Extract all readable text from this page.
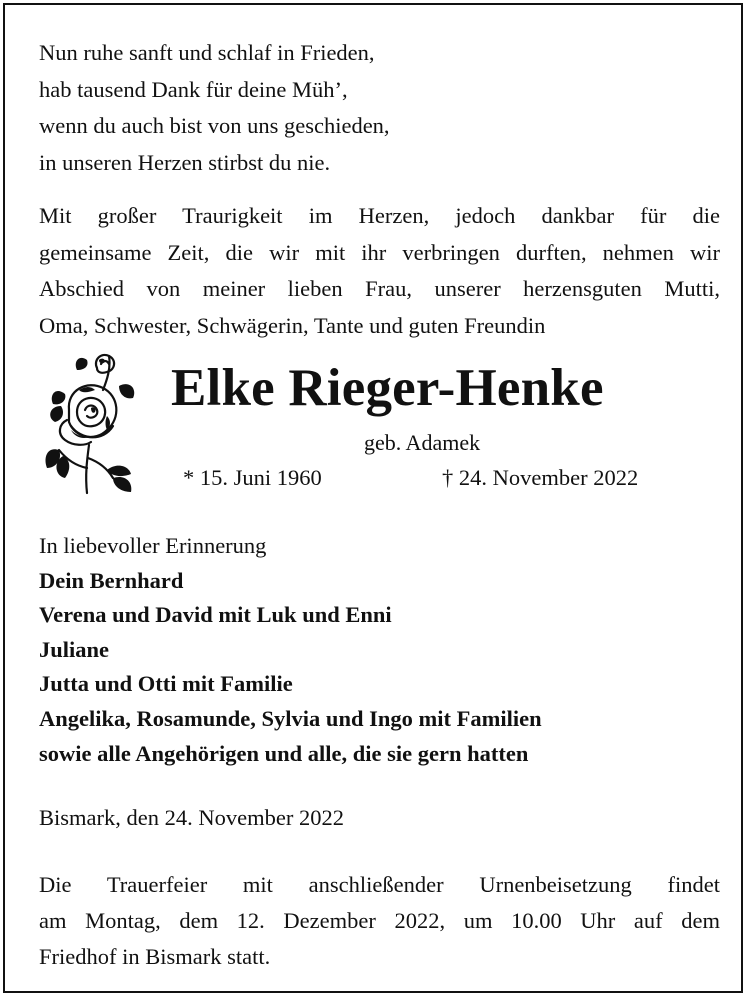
Nun ruhe sanft und schlaf in Frieden,
hab tausend Dank für deine Müh’,
wenn du auch bist von uns geschieden,
in unseren Herzen stirbst du nie.
Mit großer Traurigkeit im Herzen, jedoch dankbar für die
gemeinsame Zeit, die wir mit ihr verbringen durften, nehmen wir
Abschied von meiner lieben Frau, unserer herzensguten Mutti,
Oma, Schwester, Schwägerin, Tante und guten Freundin
Elke Rieger-Henke
geb. Adamek
* 15. Juni 1960	† 24. November 2022
In liebevoller Erinnerung
Dein Bernhard
Verena und David mit Luk und Enni
Juliane
Jutta und Otti mit Familie
Angelika, Rosamunde, Sylvia und Ingo mit Familien
sowie alle Angehörigen und alle, die sie gern hatten
Bismark, den 24. November 2022
Die Trauerfeier mit anschließender Urnenbeisetzung findet
am Montag, dem 12. Dezember 2022, um 10.00 Uhr auf dem
Friedhof in Bismark statt.
